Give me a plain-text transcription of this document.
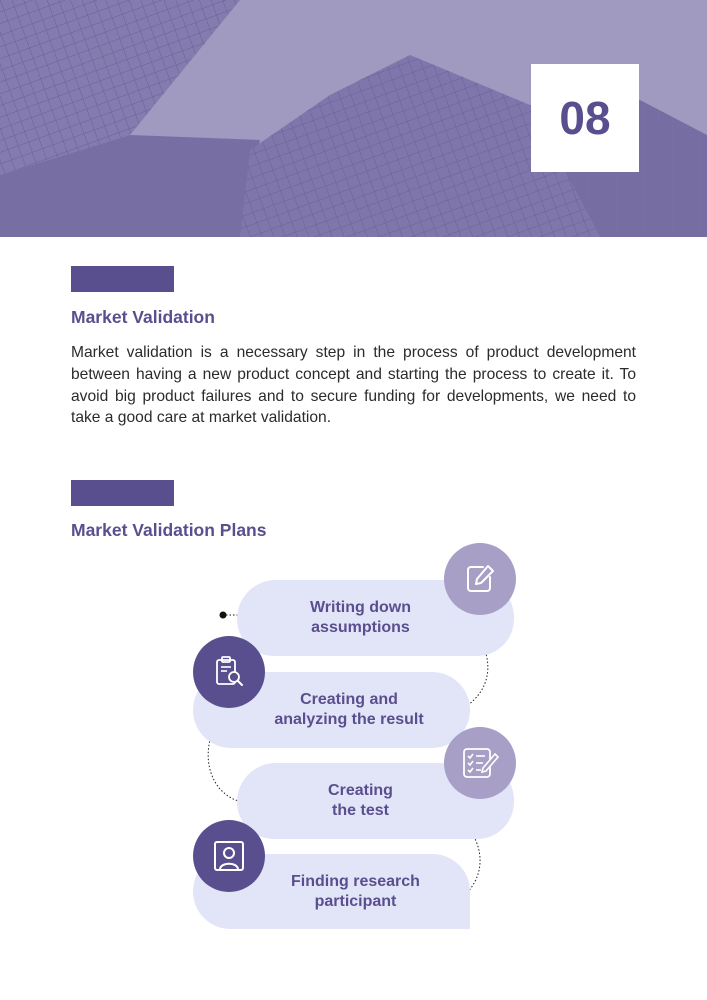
08
Market Validation

Market validation is a necessary step in the process of product development between having a new product concept and starting the process to create it. To avoid big product failures and to secure funding for developments, we need to take a good care at market validation.

Market Validation Plans
Writing down
assumptions
Creating and
analyzing the result
Creating
the test
Finding research
participant
